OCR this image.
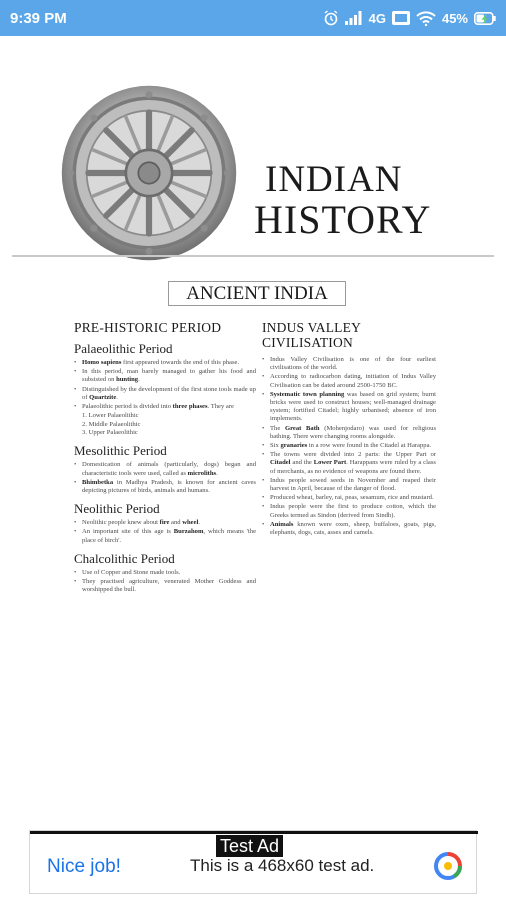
9:39 PM	4G	45%
INDIAN
HISTORY
ANCIENT INDIA
PRE-HISTORIC PERIOD
Palaeolithic Period
• Homo sapiens first appeared towards the end of this phase.
• In this period, man barely managed to gather his food and subsisted on hunting.
• Distinguished by the development of the first stone tools made up of Quartzite.
• Palaeolithic period is divided into three phases. They are
1. Lower Palaeolithic
2. Middle Palaeolithic
3. Upper Palaeolithic
Mesolithic Period
• Domestication of animals (particularly, dogs) began and characteristic tools were used, called as microliths.
• Bhimbetka in Madhya Pradesh, is known for ancient caves depicting pictures of birds, animals and humans.
Neolithic Period
• Neolithic people knew about fire and wheel.
• An important site of this age is Burzahom, which means 'the place of birch'.
Chalcolithic Period
• Use of Copper and Stone made tools.
• They practised agriculture, venerated Mother Goddess and worshipped the bull.
INDUS VALLEY
CIVILISATION
• Indus Valley Civilisation is one of the four earliest civilisations of the world.
• According to radiocarbon dating, initiation of Indus Valley Civilisation can be dated around 2500-1750 BC.
• Systematic town planning was based on grid system; burnt bricks were used to construct houses; well-managed drainage system; fortified Citadel; highly urbanised; absence of iron implements.
• The Great Bath (Mohenjodaro) was used for religious bathing. There were changing rooms alongside.
• Six granaries in a row were found in the Citadel at Harappa.
• The towns were divided into 2 parts: the Upper Part or Citadel and the Lower Part. Harappans were ruled by a class of merchants, as no evidence of weapons are found there.
• Indus people sowed seeds in November and reaped their harvest in April, because of the danger of flood.
• Produced wheat, barley, rai, peas, sesamum, rice and mustard.
• Indus people were the first to produce cotton, which the Greeks termed as Sindon (derived from Sindh).
• Animals known were oxen, sheep, buffaloes, goats, pigs, elephants, dogs, cats, asses and camels.
Test Ad
Nice job!	This is a 468x60 test ad.
